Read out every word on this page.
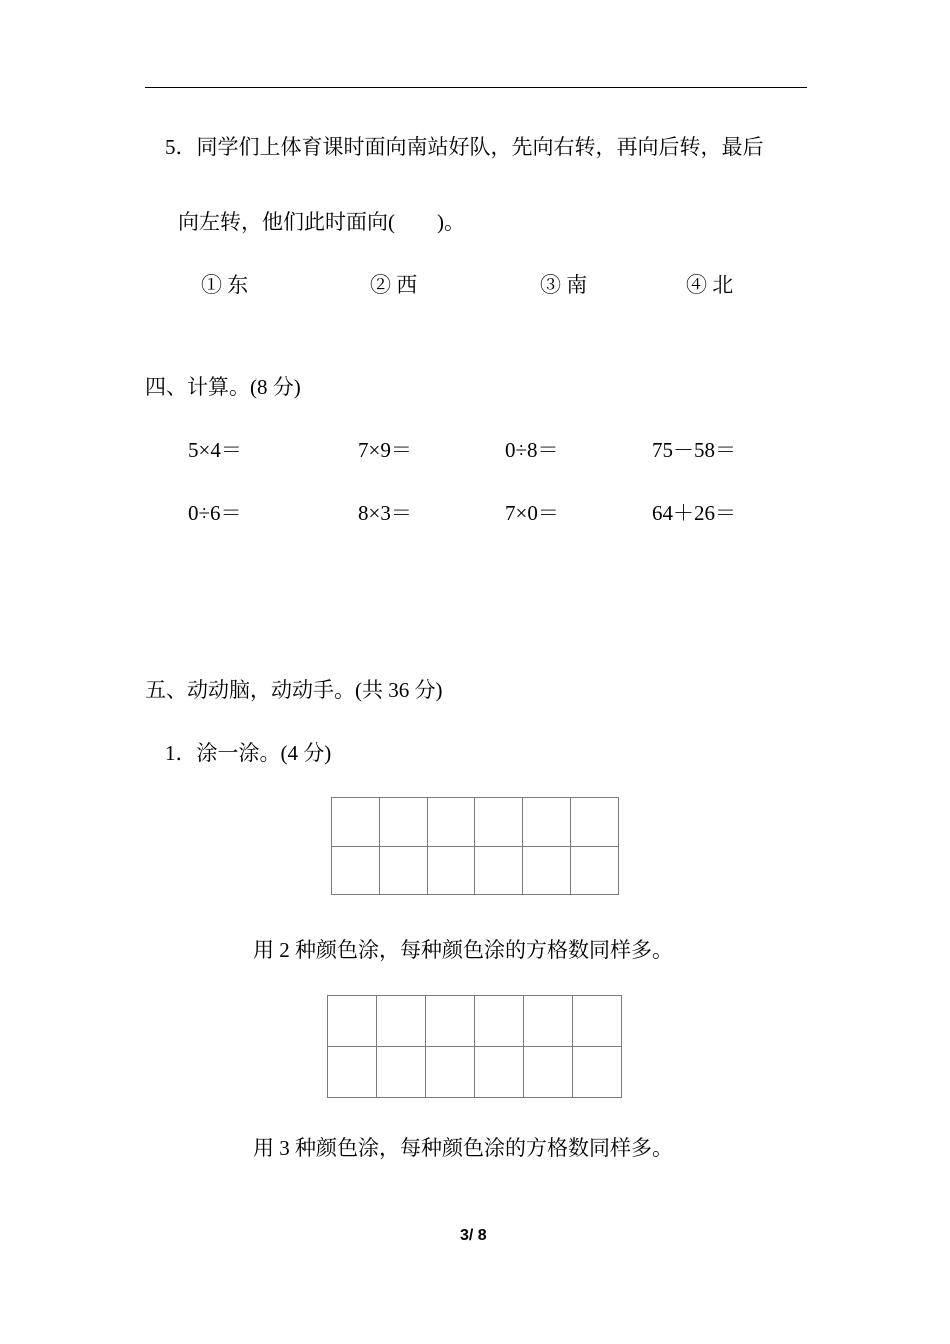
5．同学们上体育课时面向南站好队，先向右转，再向后转，最后
向左转，他们此时面向(　　)。
① 东	② 西	③ 南	④ 北
四、计算。(8 分)
5×4＝	7×9＝	0÷8＝	75－58＝
0÷6＝	8×3＝	7×0＝	64＋26＝
五、动动脑，动动手。(共 36 分)
1．涂一涂。(4 分)

用 2 种颜色涂，每种颜色涂的方格数同样多。

用 3 种颜色涂，每种颜色涂的方格数同样多。
3/ 8
